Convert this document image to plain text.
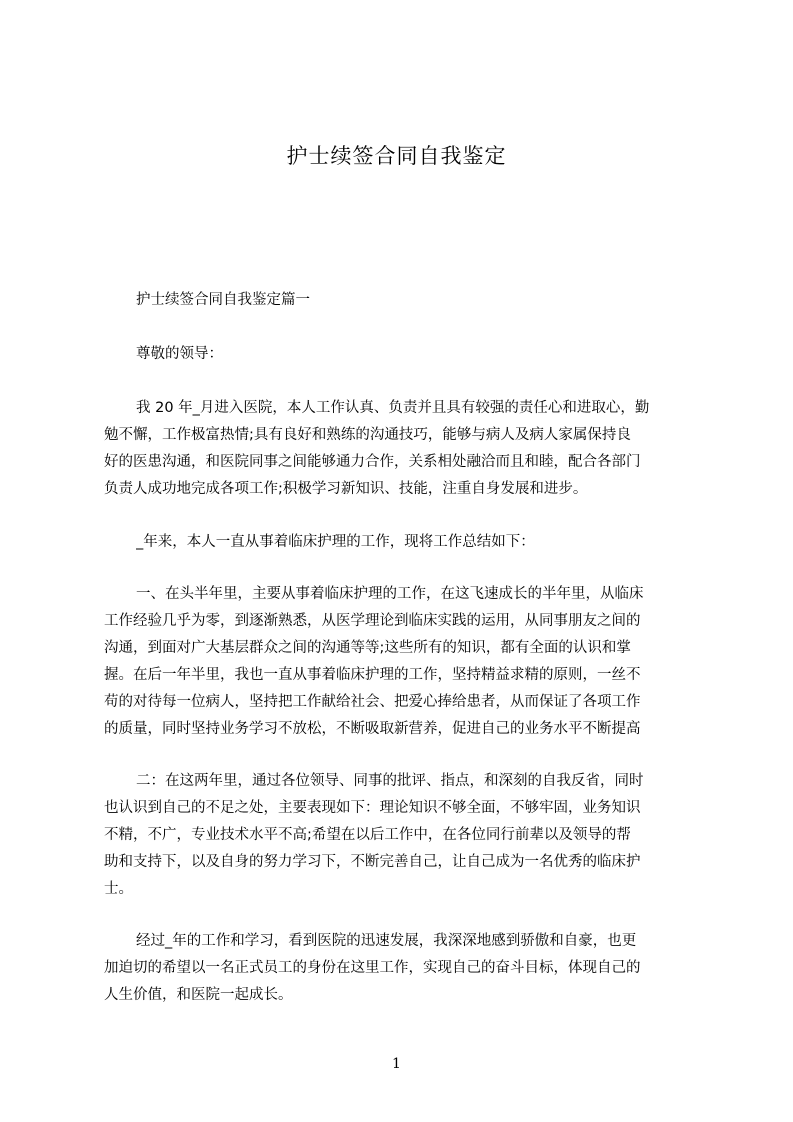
护士续签合同自我鉴定
护士续签合同自我鉴定篇一
尊敬的领导：
我 20 年_月进入医院，本人工作认真、负责并且具有较强的责任心和进取心，勤
勉不懈，工作极富热情;具有良好和熟练的沟通技巧，能够与病人及病人家属保持良
好的医患沟通，和医院同事之间能够通力合作，关系相处融洽而且和睦，配合各部门
负责人成功地完成各项工作;积极学习新知识、技能，注重自身发展和进步。
_年来，本人一直从事着临床护理的工作，现将工作总结如下：
一、在头半年里，主要从事着临床护理的工作，在这飞速成长的半年里，从临床
工作经验几乎为零，到逐渐熟悉，从医学理论到临床实践的运用，从同事朋友之间的
沟通，到面对广大基层群众之间的沟通等等;这些所有的知识，都有全面的认识和掌
握。在后一年半里，我也一直从事着临床护理的工作，坚持精益求精的原则，一丝不
苟的对待每一位病人，坚持把工作献给社会、把爱心捧给患者，从而保证了各项工作
的质量，同时坚持业务学习不放松，不断吸取新营养，促进自己的业务水平不断提高
二：在这两年里，通过各位领导、同事的批评、指点，和深刻的自我反省，同时
也认识到自己的不足之处，主要表现如下：理论知识不够全面，不够牢固，业务知识
不精，不广，专业技术水平不高;希望在以后工作中，在各位同行前辈以及领导的帮
助和支持下，以及自身的努力学习下，不断完善自己，让自己成为一名优秀的临床护
士。
经过_年的工作和学习，看到医院的迅速发展，我深深地感到骄傲和自豪，也更
加迫切的希望以一名正式员工的身份在这里工作，实现自己的奋斗目标，体现自己的
人生价值，和医院一起成长。
1
